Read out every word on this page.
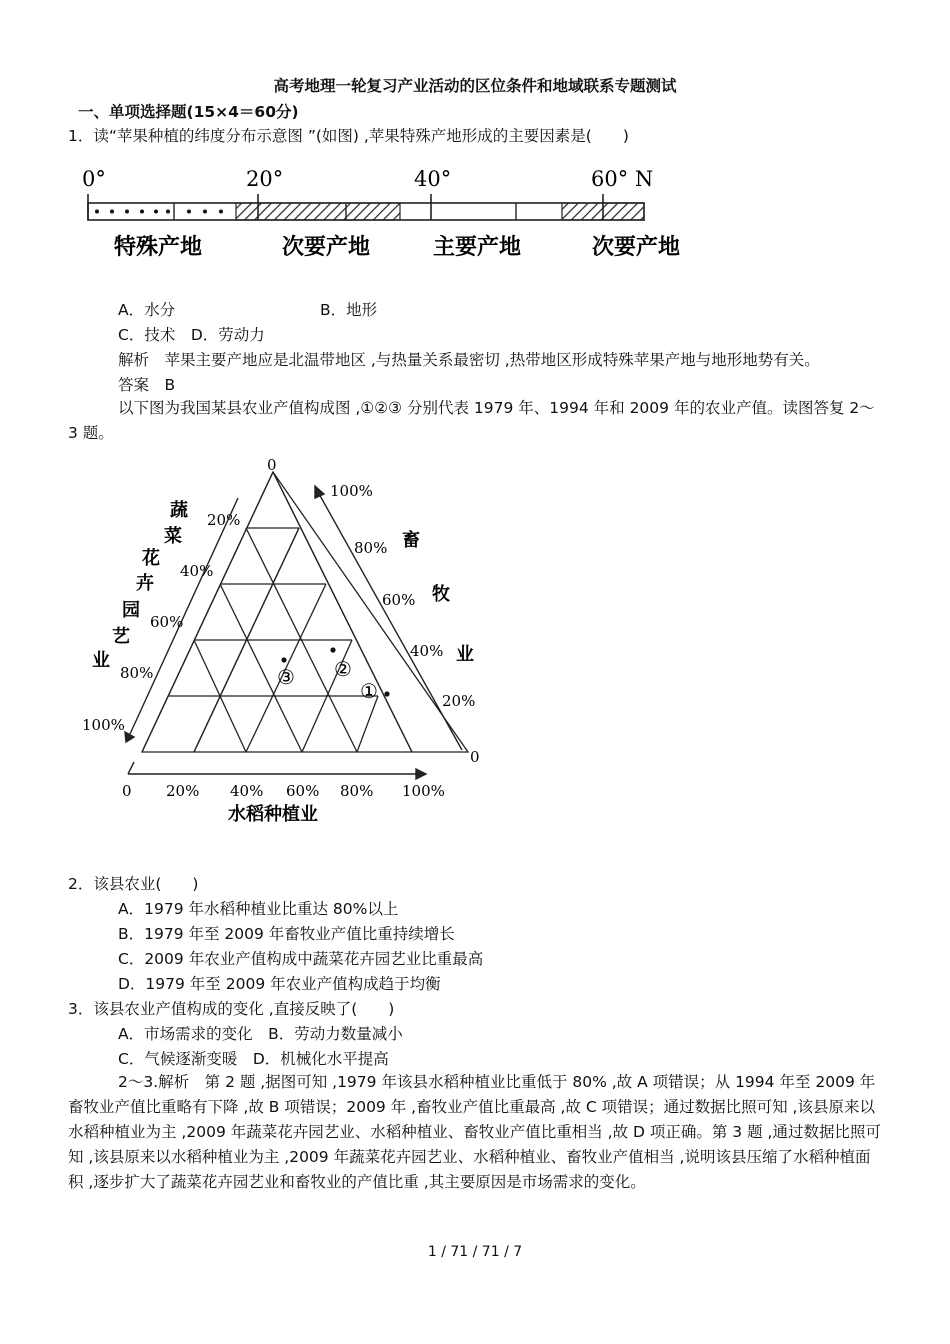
高考地理一轮复习产业活动的区位条件和地域联系专题测试
一、单项选择题(15×4＝60分)
1．读“苹果种植的纬度分布示意图 ”(如图) ,苹果特殊产地形成的主要因素是(　　)
0°	20°	40°	60° N
特殊产地	次要产地	主要产地	次要产地
A．水分	B．地形
C．技术　D．劳动力
解析　苹果主要产地应是北温带地区 ,与热量关系最密切 ,热带地区形成特殊苹果产地与地形地势有关。
答案　B
以下图为我国某县农业产值构成图 ,①②③ 分别代表 1979 年、1994 年和 2009 年的农业产值。读图答复 2～3 题。
0
0
20%
40%
60%
80%
100%
100%
80%
60%
40%
20%
0 20% 40% 60% 80% 100%
蔬
菜
花
卉
园
艺
业
畜
牧
业
水稻种植业
①
②
③
2．该县农业(　　)
A．1979 年水稻种植业比重达 80%以上
B．1979 年至 2009 年畜牧业产值比重持续增长
C．2009 年农业产值构成中蔬菜花卉园艺业比重最高
D．1979 年至 2009 年农业产值构成趋于均衡
3．该县农业产值构成的变化 ,直接反映了(　　)
A．市场需求的变化　B．劳动力数量减小
C．气候逐渐变暖　D．机械化水平提高
2～3.解析　第 2 题 ,据图可知 ,1979 年该县水稻种植业比重低于 80% ,故 A 项错误；从 1994 年至 2009 年畜牧业产值比重略有下降 ,故 B 项错误；2009 年 ,畜牧业产值比重最高 ,故 C 项错误；通过数据比照可知 ,该县原来以水稻种植业为主 ,2009 年蔬菜花卉园艺业、水稻种植业、畜牧业产值比重相当 ,故 D 项正确。第 3 题 ,通过数据比照可知 ,该县原来以水稻种植业为主 ,2009 年蔬菜花卉园艺业、水稻种植业、畜牧业产值相当 ,说明该县压缩了水稻种植面积 ,逐步扩大了蔬菜花卉园艺业和畜牧业的产值比重 ,其主要原因是市场需求的变化。
1 / 71 / 71 / 7
